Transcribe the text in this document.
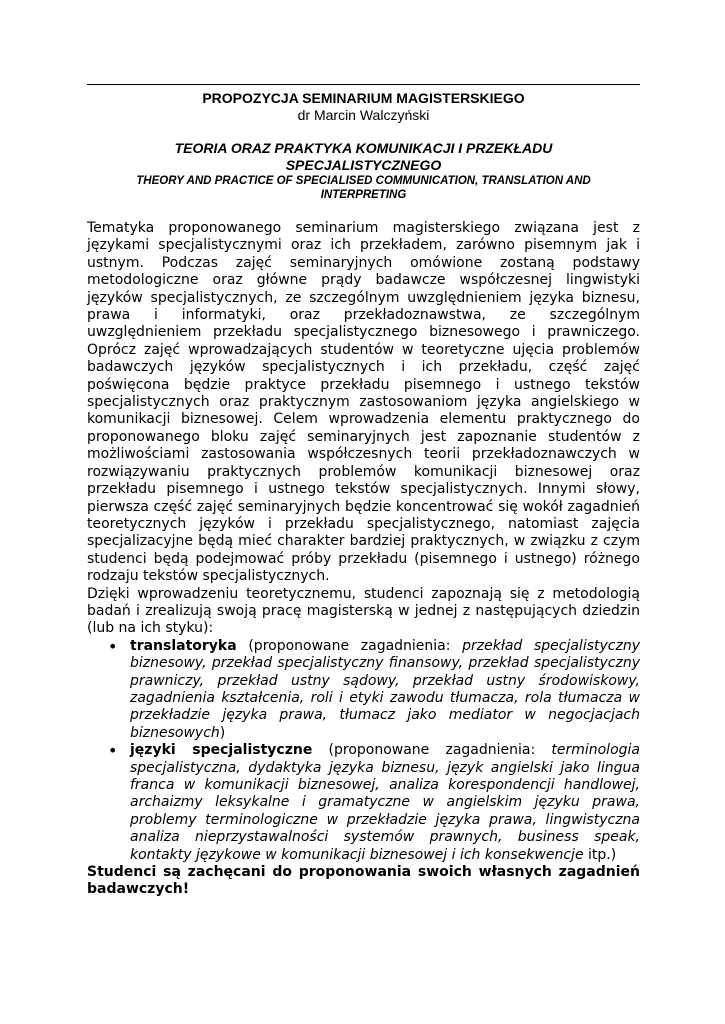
PROPOZYCJA SEMINARIUM MAGISTERSKIEGO
dr Marcin Walczyński
TEORIA ORAZ PRAKTYKA KOMUNIKACJI I PRZEKŁADU
SPECJALISTYCZNEGO
THEORY AND PRACTICE OF SPECIALISED COMMUNICATION, TRANSLATION AND
INTERPRETING

Tematyka proponowanego seminarium magisterskiego związana jest z językami specjalistycznymi oraz ich przekładem, zarówno pisemnym jak i ustnym. Podczas zajęć seminaryjnych omówione zostaną podstawy metodologiczne oraz główne prądy badawcze współczesnej lingwistyki języków specjalistycznych, ze szczególnym uwzględnieniem języka biznesu, prawa i informatyki, oraz przekładoznawstwa, ze szczególnym uwzględnieniem przekładu specjalistycznego biznesowego i prawniczego. Oprócz zajęć wprowadzających studentów w teoretyczne ujęcia problemów badawczych języków specjalistycznych i ich przekładu, część zajęć poświęcona będzie praktyce przekładu pisemnego i ustnego tekstów specjalistycznych oraz praktycznym zastosowaniom języka angielskiego w komunikacji biznesowej. Celem wprowadzenia elementu praktycznego do proponowanego bloku zajęć seminaryjnych jest zapoznanie studentów z możliwościami zastosowania współczesnych teorii przekładoznawczych w rozwiązywaniu praktycznych problemów komunikacji biznesowej oraz przekładu pisemnego i ustnego tekstów specjalistycznych. Innymi słowy, pierwsza część zajęć seminaryjnych będzie koncentrować się wokół zagadnień teoretycznych języków i przekładu specjalistycznego, natomiast zajęcia specjalizacyjne będą mieć charakter bardziej praktycznych, w związku z czym studenci będą podejmować próby przekładu (pisemnego i ustnego) różnego rodzaju tekstów specjalistycznych.

Dzięki wprowadzeniu teoretycznemu, studenci zapoznają się z metodologią badań i zrealizują swoją pracę magisterską w jednej z następujących dziedzin (lub na ich styku):

• translatoryka (proponowane zagadnienia: przekład specjalistyczny biznesowy, przekład specjalistyczny finansowy, przekład specjalistyczny prawniczy, przekład ustny sądowy, przekład ustny środowiskowy, zagadnienia kształcenia, roli i etyki zawodu tłumacza, rola tłumacza w przekładzie języka prawa, tłumacz jako mediator w negocjacjach biznesowych)
• języki specjalistyczne (proponowane zagadnienia: terminologia specjalistyczna, dydaktyka języka biznesu, język angielski jako lingua franca w komunikacji biznesowej, analiza korespondencji handlowej, archaizmy leksykalne i gramatyczne w angielskim języku prawa, problemy terminologiczne w przekładzie języka prawa, lingwistyczna analiza nieprzystawalności systemów prawnych, business speak, kontakty językowe w komunikacji biznesowej i ich konsekwencje itp.)
Studenci są zachęcani do proponowania swoich własnych zagadnień badawczych!
